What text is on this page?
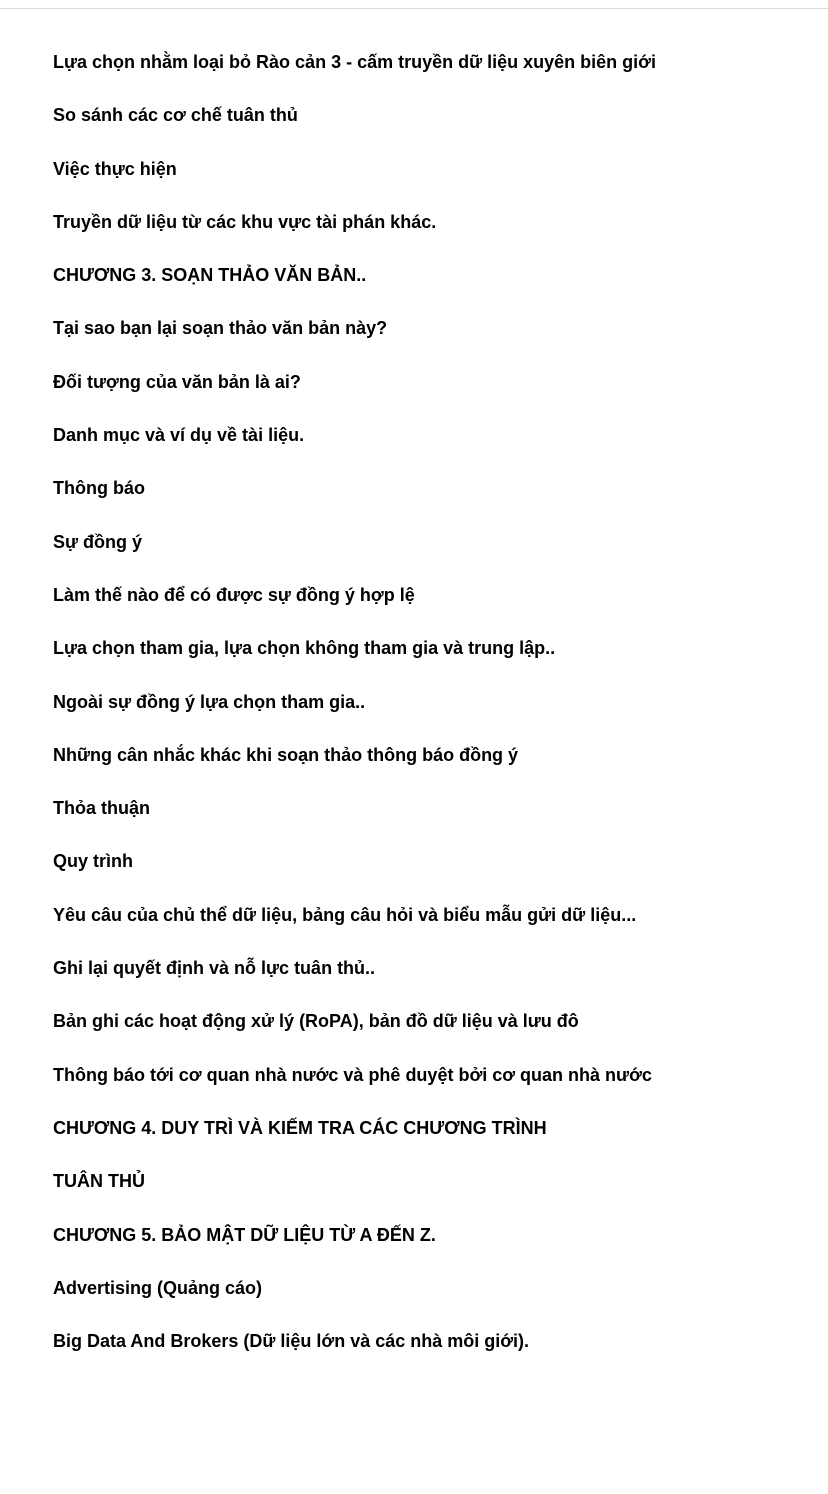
Lựa chọn nhằm loại bỏ Rào cản 3 - cấm truyền dữ liệu xuyên biên giới
So sánh các cơ chế tuân thủ
Việc thực hiện
Truyền dữ liệu từ các khu vực tài phán khác.
CHƯƠNG 3. SOẠN THẢO VĂN BẢN..
Tại sao bạn lại soạn thảo văn bản này?
Đối tượng của văn bản là ai?
Danh mục và ví dụ về tài liệu.
Thông báo
Sự đồng ý
Làm thế nào để có được sự đồng ý hợp lệ
Lựa chọn tham gia, lựa chọn không tham gia và trung lập..
Ngoài sự đồng ý lựa chọn tham gia..
Những cân nhắc khác khi soạn thảo thông báo đồng ý
Thỏa thuận
Quy trình
Yêu câu của chủ thể dữ liệu, bảng câu hỏi và biểu mẫu gửi dữ liệu...
Ghi lại quyết định và nỗ lực tuân thủ..
Bản ghi các hoạt động xử lý (RoPA), bản đồ dữ liệu và lưu đô
Thông báo tới cơ quan nhà nước và phê duyệt bởi cơ quan nhà nước
CHƯƠNG 4. DUY TRÌ VÀ KIẾM TRA CÁC CHƯƠNG TRÌNH
TUÂN THỦ
CHƯƠNG 5. BẢO MẬT DỮ LIỆU TỪ A ĐẾN Z.
Advertising (Quảng cáo)
Big Data And Brokers (Dữ liệu lớn và các nhà môi giới).
